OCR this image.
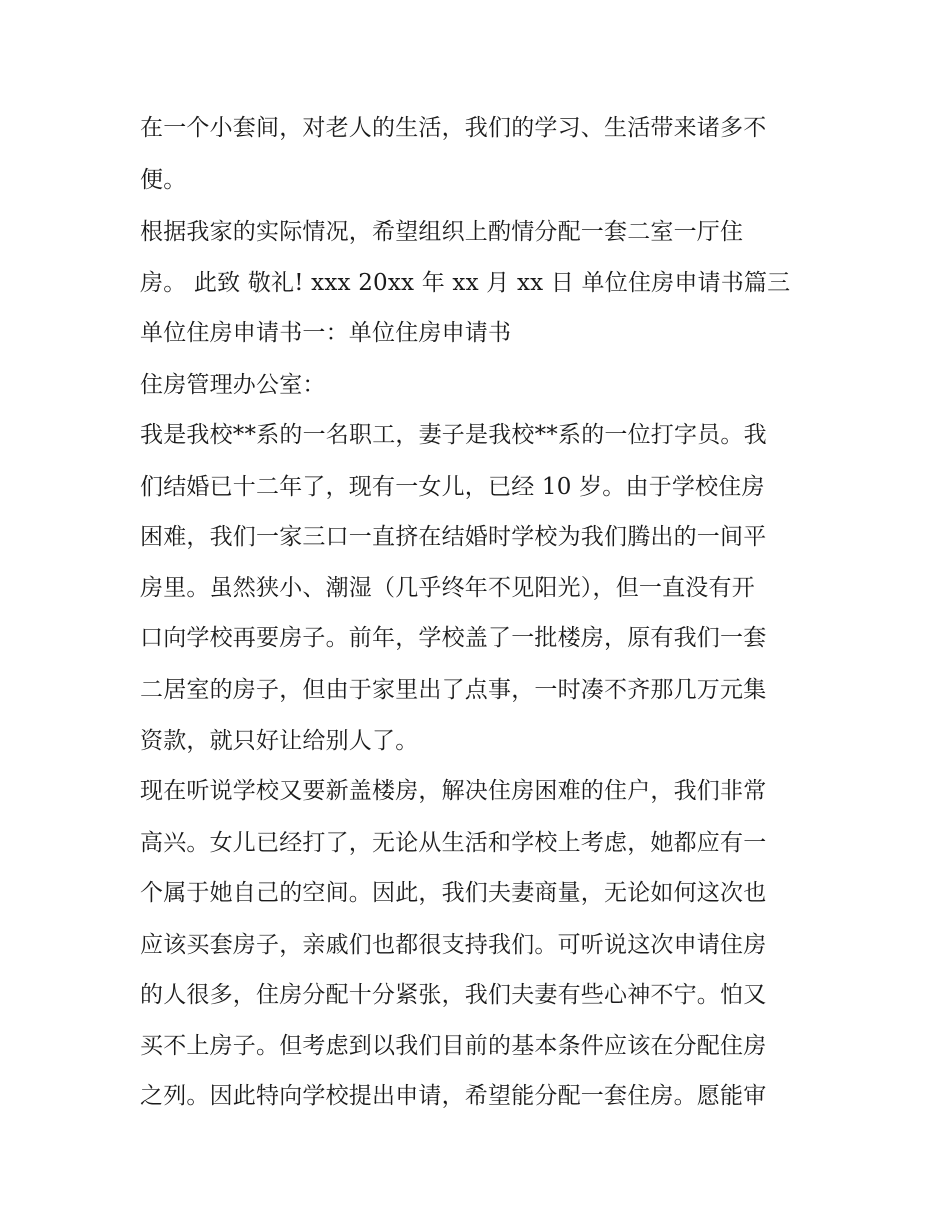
在一个小套间，对老人的生活，我们的学习、生活带来诸多不
便。
根据我家的实际情况，希望组织上酌情分配一套二室一厅住
房。 此致 敬礼! xxx 20xx 年 xx 月 xx 日 单位住房申请书篇三
单位住房申请书一：单位住房申请书
住房管理办公室：
我是我校**系的一名职工，妻子是我校**系的一位打字员。我
们结婚已十二年了，现有一女儿，已经 10 岁。由于学校住房
困难，我们一家三口一直挤在结婚时学校为我们腾出的一间平
房里。虽然狭小、潮湿（几乎终年不见阳光），但一直没有开
口向学校再要房子。前年，学校盖了一批楼房，原有我们一套
二居室的房子，但由于家里出了点事，一时凑不齐那几万元集
资款，就只好让给别人了。
现在听说学校又要新盖楼房，解决住房困难的住户，我们非常
高兴。女儿已经打了，无论从生活和学校上考虑，她都应有一
个属于她自己的空间。因此，我们夫妻商量，无论如何这次也
应该买套房子，亲戚们也都很支持我们。可听说这次申请住房
的人很多，住房分配十分紧张，我们夫妻有些心神不宁。怕又
买不上房子。但考虑到以我们目前的基本条件应该在分配住房
之列。因此特向学校提出申请，希望能分配一套住房。愿能审
